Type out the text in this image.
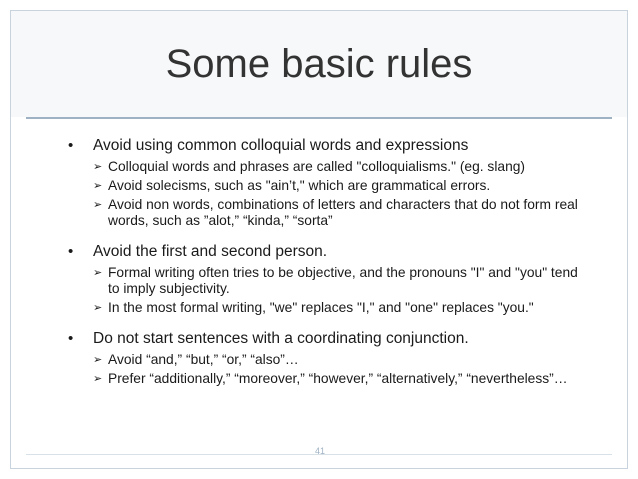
Some basic rules
• Avoid using common colloquial words and expressions
➢ Colloquial words and phrases are called "colloquialisms." (eg. slang)
➢ Avoid solecisms, such as "ain’t," which are grammatical errors.
➢ Avoid non words, combinations of letters and characters that do not form real words, such as ”alot,” “kinda,” “sorta”
• Avoid the first and second person.
➢ Formal writing often tries to be objective, and the pronouns "I" and "you" tend to imply subjectivity.
➢ In the most formal writing, "we" replaces "I," and "one" replaces "you."
• Do not start sentences with a coordinating conjunction.
➢ Avoid “and,” “but,” “or,” “also”…
➢ Prefer “additionally,” “moreover,” “however,” “alternatively,” “nevertheless”…
41
